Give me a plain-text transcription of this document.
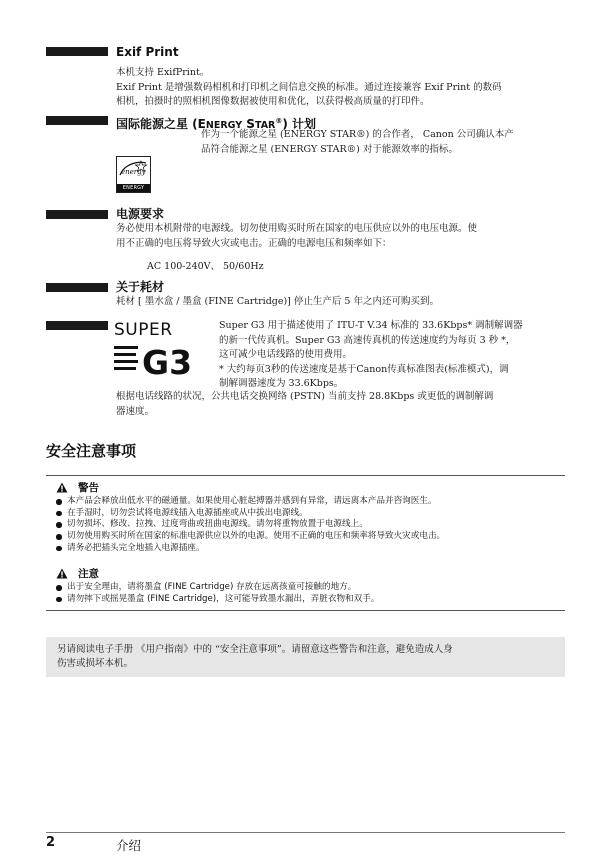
Exif Print
本机支持 ExifPrint。
Exif Print 是增强数码相机和打印机之间信息交换的标准。通过连接兼容 Exif Print 的数码
相机，拍摄时的照相机图像数据被使用和优化，以获得极高质量的打印件。
国际能源之星 (ENERGY STAR®) 计划
作为一个能源之星 (ENERGY STAR®) 的合作者， Canon 公司确认本产
品符合能源之星 (ENERGY STAR®) 对于能源效率的指标。
energy
ENERGY STAR
电源要求
务必使用本机附带的电源线。切勿使用购买时所在国家的电压供应以外的电压电源。使
用不正确的电压将导致火灾或电击。正确的电源电压和频率如下：
AC 100-240V、 50/60Hz
关于耗材
耗材 [ 墨水盒 / 墨盒 (FINE Cartridge)] 停止生产后 5 年之内还可购买到。
SUPER
G3
Super G3 用于描述使用了 ITU-T V.34 标准的 33.6Kbps* 调制解调器
的新一代传真机。Super G3 高速传真机的传送速度约为每页 3 秒 *，
这可减少电话线路的使用费用。
* 大约每页3秒的传送速度是基于Canon传真标准图表(标准模式)，调
制解调器速度为 33.6Kbps。
根据电话线路的状况，公共电话交换网络 (PSTN) 当前支持 28.8Kbps 或更低的调制解调
器速度。
安全注意事项
警告
本产品会释放出低水平的磁通量。如果使用心脏起搏器并感到有异常，请远离本产品并咨询医生。
在手湿时，切勿尝试将电源线插入电源插座或从中拔出电源线。
切勿损坏、修改、拉拽、过度弯曲或扭曲电源线。请勿将重物放置于电源线上。
切勿使用购买时所在国家的标准电源供应以外的电源。使用不正确的电压和频率将导致火灾或电击。
请务必把插头完全地插入电源插座。
注意
出于安全理由，请将墨盒 (FINE Cartridge) 存放在远离孩童可接触的地方。
请勿摔下或摇晃墨盒 (FINE Cartridge)，这可能导致墨水漏出，弄脏衣物和双手。

另请阅读电子手册 《用户指南》中的 “安全注意事项”。请留意这些警告和注意，避免造成人身
伤害或损坏本机。

2	介绍
